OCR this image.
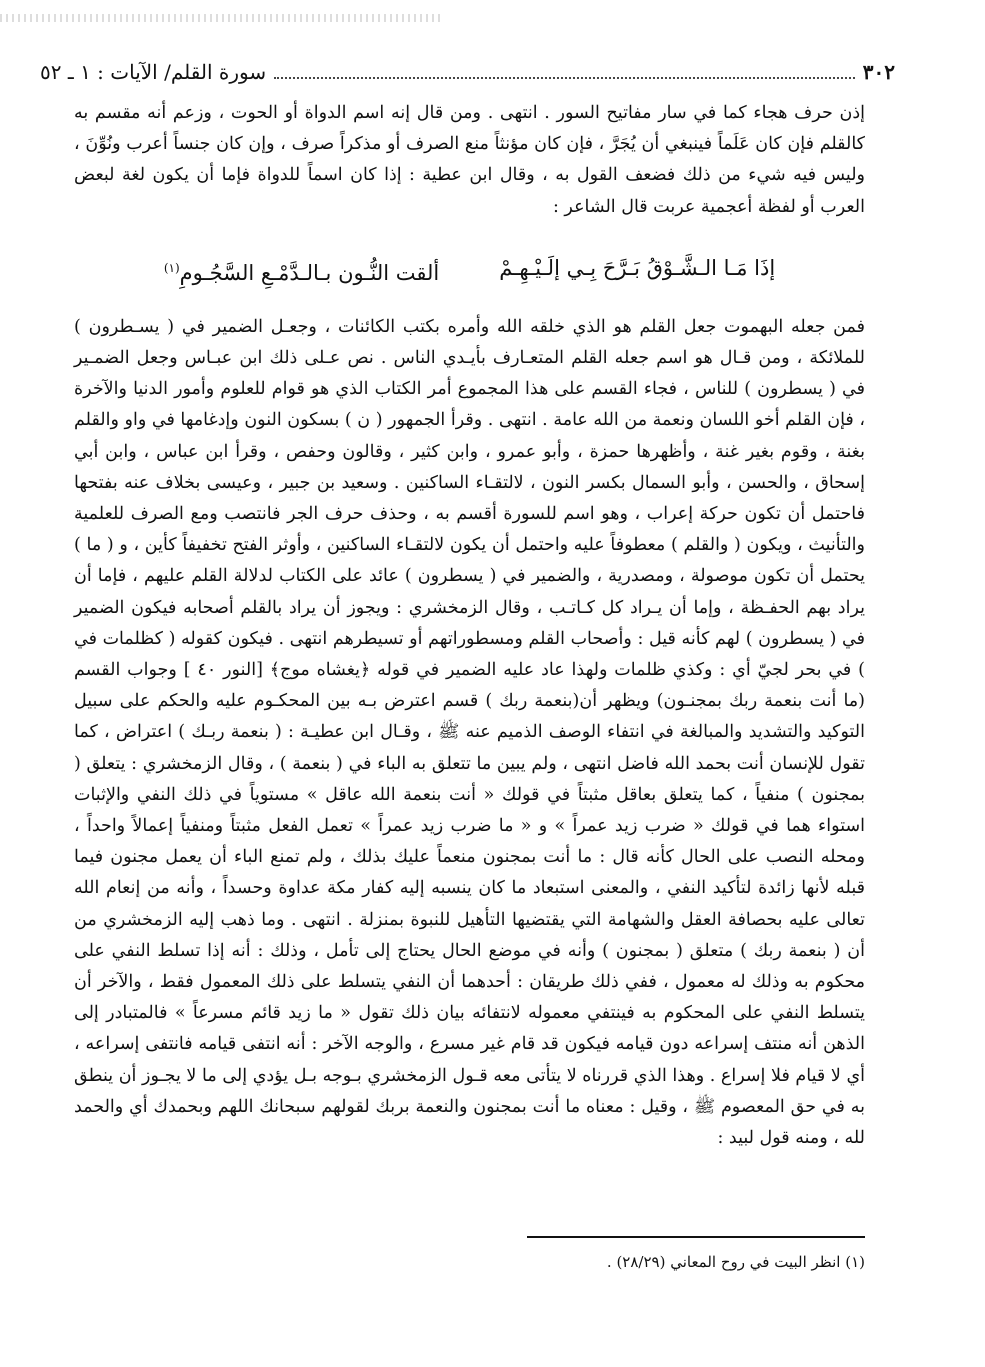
٣٠٢
سورة القلم/ الآيات : ١ ـ ٥٢

إذن حرف هجاء كما في سار مفاتيح السور . انتهى . ومن قال إنه اسم الدواة أو الحوت ، وزعم أنه مقسم به كالقلم فإن كان عَلَماً فينبغي أن يُجَرَّ ، فإن كان مؤنثاً منع الصرف أو مذكراً صرف ، وإن كان جنساً أعرب ونُوِّنَ ، وليس فيه شيء من ذلك فضعف القول به ، وقال ابن عطية : إذا كان اسماً للدواة فإما أن يكون لغة لبعض العرب أو لفظة أعجمية عربت قال الشاعر :

إذَا مَـا الـشَّـوْقُ بَـرَّحَ بِـي إلَـيْـهِـمْ
ألقت النُّـون بـالـدَّمْـعِ السَّجُـومِ$^{(١)}$

فمن جعله البهموت جعل القلم هو الذي خلقه الله وأمره بكتب الكائنات ، وجعـل الضمير في ( يسـطرون ) للملائكة ، ومن قـال هو اسم جعله القلم المتعـارف بأيـدي الناس . نص عـلى ذلك ابن عبـاس وجعل الضمـير في ( يسطرون ) للناس ، فجاء القسم على هذا المجموع أمر الكتاب الذي هو قوام للعلوم وأمور الدنيا والآخرة ، فإن القلم أخو اللسان ونعمة من الله عامة . انتهى . وقرأ الجمهور ( ن ) بسكون النون وإدغامها في واو والقلم بغنة ، وقوم بغير غنة ، وأظهرها حمزة ، وأبو عمرو ، وابن كثير ، وقالون وحفص ، وقرأ ابن عباس ، وابن أبي إسحاق ، والحسن ، وأبو السمال بكسر النون ، لالتقـاء الساكنين . وسعيد بن جبير ، وعيسى بخلاف عنه بفتحها فاحتمل أن تكون حركة إعراب ، وهو اسم للسورة أقسم به ، وحذف حرف الجر فانتصب ومع الصرف للعلمية والتأنيث ، ويكون ( والقلم ) معطوفاً عليه واحتمل أن يكون لالتقـاء الساكنين ، وأوثر الفتح تخفيفاً كأين ، و ( ما ) يحتمل أن تكون موصولة ، ومصدرية ، والضمير في ( يسطرون ) عائد على الكتاب لدلالة القلم عليهم ، فإما أن يراد بهم الحفـظة ، وإما أن يـراد كل كـاتـب ، وقال الزمخشري : ويجوز أن يراد بالقلم أصحابه فيكون الضمير في ( يسطرون ) لهم كأنه قيل : وأصحاب القلم ومسطوراتهم أو تسيطرهم انتهى . فيكون كقوله ( كظلمات في ) في بحر لجيّ أي : وكذي ظلمات ولهذا عاد عليه الضمير في قوله ﴿يغشاه موج﴾ [النور ٤٠ ] وجواب القسم (ما أنت بنعمة ربك بمجنـون) ويظهر أن(بنعمة ربك ) قسم اعترض بـه بين المحكـوم عليه والحكم على سبيل التوكيد والتشديد والمبالغة في انتفاء الوصف الذميم عنه ﷺ ، وقـال ابن عطيـة : ( بنعمة ربـك ) اعتراض ، كما تقول للإنسان أنت بحمد الله فاضل انتهى ، ولم يبين ما تتعلق به الباء في ( بنعمة ) ، وقال الزمخشري : يتعلق ( بمجنون ) منفياً ، كما يتعلق بعاقل مثبتاً في قولك « أنت بنعمة الله عاقل » مستوياً في ذلك النفي والإثبات استواء هما في قولك « ضرب زيد عمراً » و « ما ضرب زيد عمراً » تعمل الفعل مثبتاً ومنفياً إعمالاً واحداً ، ومحله النصب على الحال كأنه قال : ما أنت بمجنون منعماً عليك بذلك ، ولم تمنع الباء أن يعمل مجنون فيما قبله لأنها زائدة لتأكيد النفي ، والمعنى استبعاد ما كان ينسبه إليه كفار مكة عداوة وحسداً ، وأنه من إنعام الله تعالى عليه بحصافة العقل والشهامة التي يقتضيها التأهيل للنبوة بمنزلة . انتهى . وما ذهب إليه الزمخشري من أن ( بنعمة ربك ) متعلق ( بمجنون ) وأنه في موضع الحال يحتاج إلى تأمل ، وذلك : أنه إذا تسلط النفي على محكوم به وذلك له معمول ، ففي ذلك طريقان : أحدهما أن النفي يتسلط على ذلك المعمول فقط ، والآخر أن يتسلط النفي على المحكوم به فينتفي معموله لانتفائه بيان ذلك تقول « ما زيد قائم مسرعاً » فالمتبادر إلى الذهن أنه منتف إسراعه دون قيامه فيكون قد قام غير مسرع ، والوجه الآخر : أنه انتفى قيامه فانتفى إسراعه ، أي لا قيام فلا إسراع . وهذا الذي قررناه لا يتأتى معه قـول الزمخشري بـوجه بـل يؤدي إلى ما لا يجـوز أن ينطق به في حق المعصوم ﷺ ، وقيل : معناه ما أنت بمجنون والنعمة بربك لقولهم سبحانك اللهم وبحمدك أي والحمد لله ، ومنه قول لبيد :

(١) انظر البيت في روح المعاني (٢٨/٢٩) .
